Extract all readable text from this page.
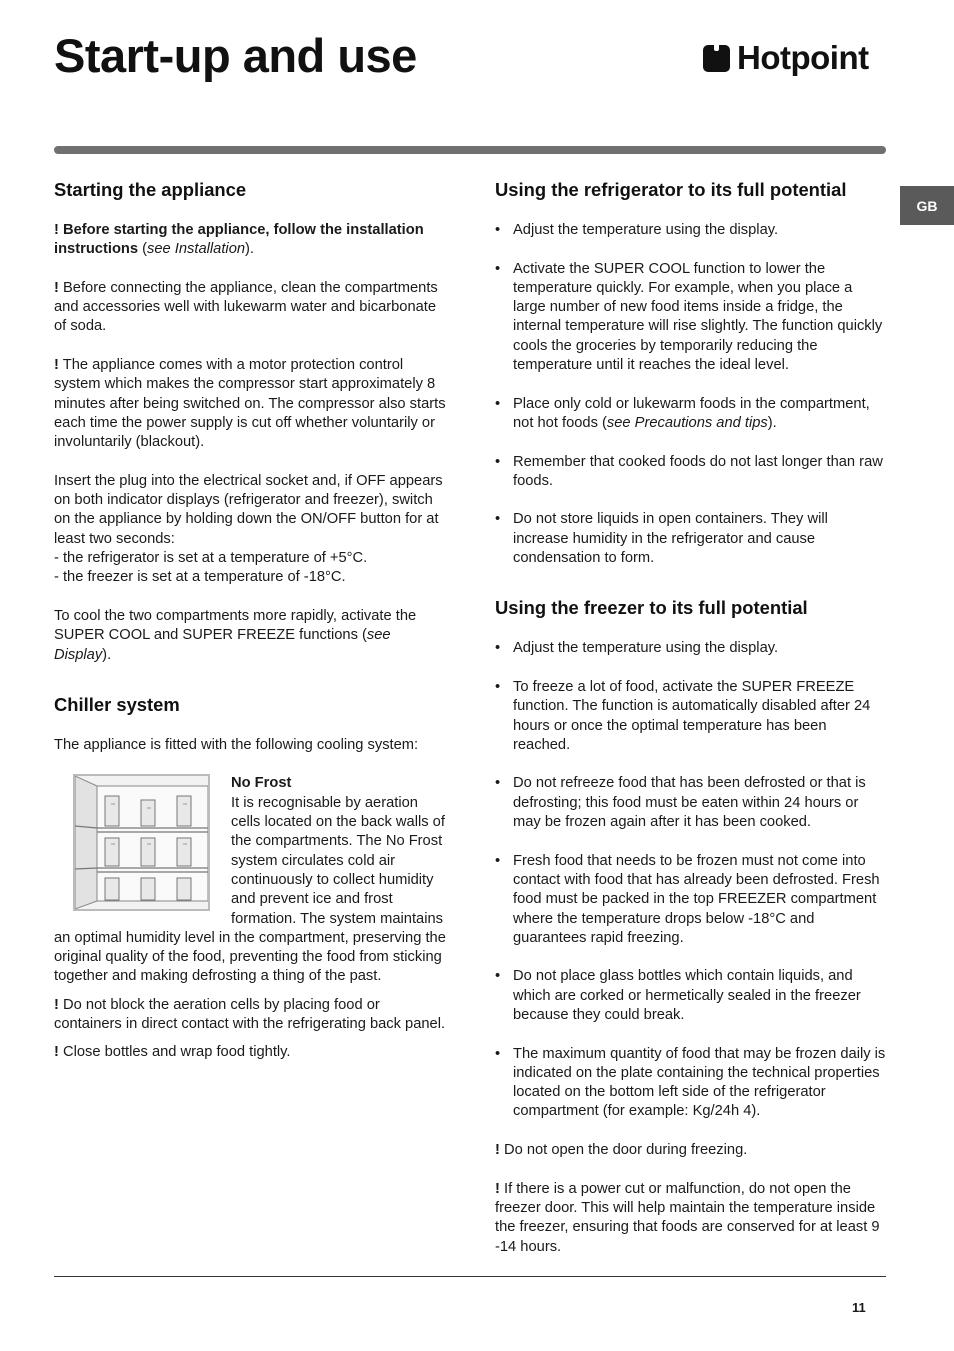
Start-up and use	Hotpoint
GB
Starting the appliance

! Before starting the appliance, follow the installation instructions (see Installation).

! Before connecting the appliance, clean the compartments and accessories well with lukewarm water and bicarbonate of soda.

! The appliance comes with a motor protection control system which makes the compressor start approximately 8 minutes after being switched on. The compressor also starts each time the power supply is cut off whether voluntarily or involuntarily (blackout).

Insert the plug into the electrical socket and, if OFF appears on both indicator displays (refrigerator and freezer), switch on the appliance by holding down the ON/OFF button for at least two seconds:
- the refrigerator is set at a temperature of +5°C.
- the freezer is set at a temperature of -18°C.

To cool the two compartments more rapidly, activate the SUPER COOL and SUPER FREEZE functions (see Display).

Chiller system

The appliance is fitted with the following cooling system:

No Frost
It is recognisable by aeration cells located on the back walls of the compartments. The No Frost system circulates cold air continuously to collect humidity and prevent ice and frost formation. The system maintains an optimal humidity level in the compartment, preserving the original quality of the food, preventing the food from sticking together and making defrosting a thing of the past.

! Do not block the aeration cells by placing food or containers in direct contact with the refrigerating back panel.

! Close bottles and wrap food tightly.

Using the refrigerator to its full potential
• Adjust the temperature using the display.
• Activate the SUPER COOL function to lower the temperature quickly. For example, when you place a large number of new food items inside a fridge, the internal temperature will rise slightly. The function quickly cools the groceries by temporarily reducing the temperature until it reaches the ideal level.
• Place only cold or lukewarm foods in the compartment, not hot foods (see Precautions and tips).
• Remember that cooked foods do not last longer than raw foods.
• Do not store liquids in open containers. They will increase humidity in the refrigerator and cause condensation to form.
Using the freezer to its full potential
• Adjust the temperature using the display.
• To freeze a lot of food, activate the SUPER FREEZE function. The function is automatically disabled after 24 hours or once the optimal temperature has been reached.
• Do not refreeze food that has been defrosted or that is defrosting; this food must be eaten within 24 hours or may be frozen again after it has been cooked.
• Fresh food that needs to be frozen must not come into contact with food that has already been defrosted. Fresh food must be packed in the top FREEZER compartment where the temperature drops below -18°C and guarantees rapid freezing.
• Do not place glass bottles which contain liquids, and which are corked or hermetically sealed in the freezer because they could break.
• The maximum quantity of food that may be frozen daily is indicated on the plate containing the technical properties located on the bottom left side of the refrigerator compartment (for example: Kg/24h 4).

! Do not open the door during freezing.

! If there is a power cut or malfunction, do not open the freezer door. This will help maintain the temperature inside the freezer, ensuring that foods are conserved for at least 9 -14 hours.

11
